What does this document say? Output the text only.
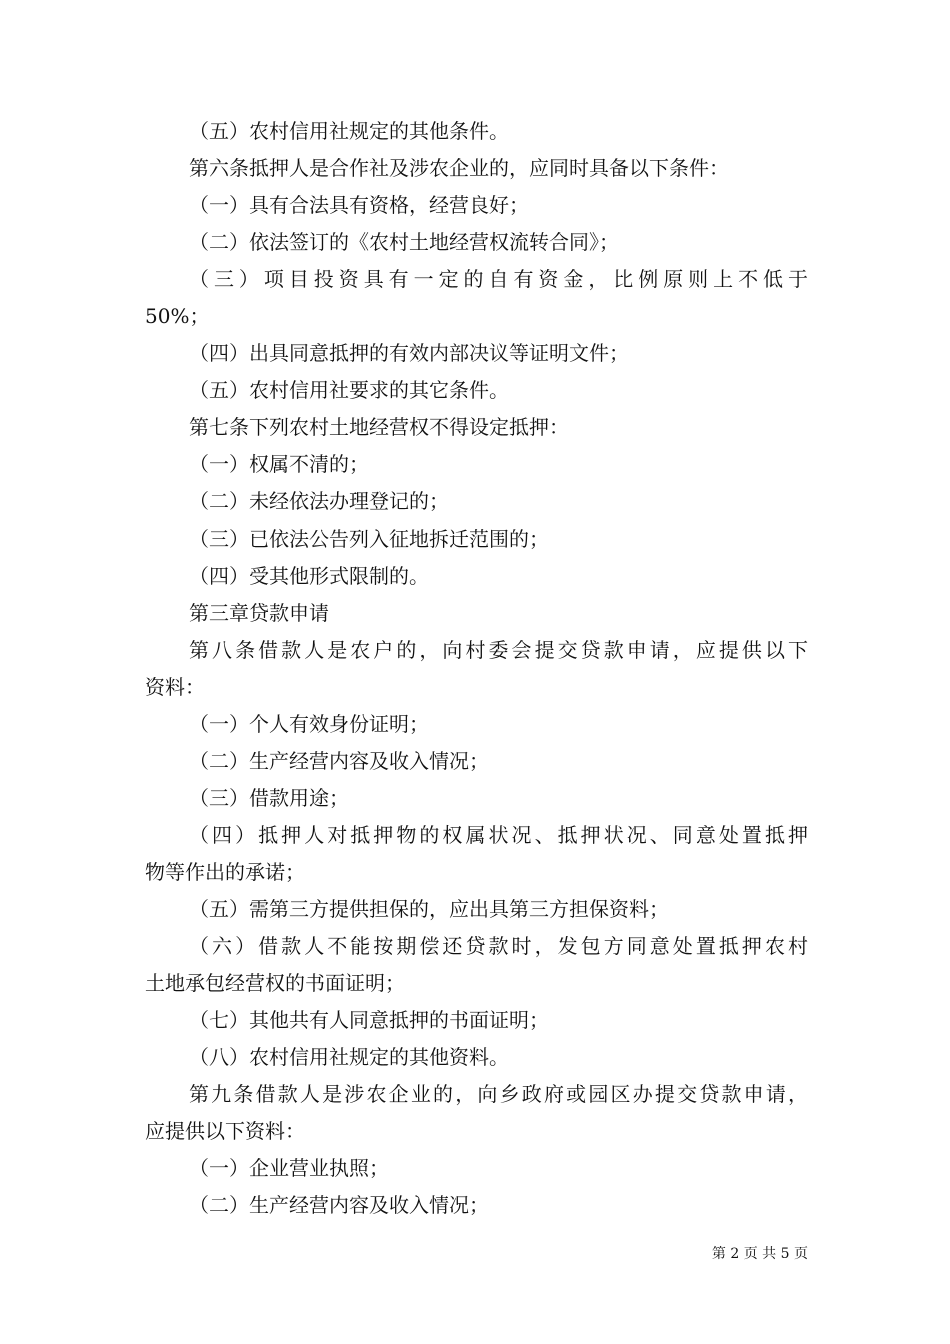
（五）农村信用社规定的其他条件。
第六条抵押人是合作社及涉农企业的，应同时具备以下条件：
（一）具有合法具有资格，经营良好；
（二）依法签订的《农村土地经营权流转合同》；
（三）项目投资具有一定的自有资金，比例原则上不低于
50%；
（四）出具同意抵押的有效内部决议等证明文件；
（五）农村信用社要求的其它条件。
第七条下列农村土地经营权不得设定抵押：
（一）权属不清的；
（二）未经依法办理登记的；
（三）已依法公告列入征地拆迁范围的；
（四）受其他形式限制的。
第三章贷款申请
第八条借款人是农户的，向村委会提交贷款申请，应提供以下
资料：
（一）个人有效身份证明；
（二）生产经营内容及收入情况；
（三）借款用途；
（四）抵押人对抵押物的权属状况、抵押状况、同意处置抵押
物等作出的承诺；
（五）需第三方提供担保的，应出具第三方担保资料；
（六）借款人不能按期偿还贷款时，发包方同意处置抵押农村
土地承包经营权的书面证明；
（七）其他共有人同意抵押的书面证明；
（八）农村信用社规定的其他资料。
第九条借款人是涉农企业的，向乡政府或园区办提交贷款申请，
应提供以下资料：
（一）企业营业执照；
（二）生产经营内容及收入情况；
第 2 页 共 5 页
